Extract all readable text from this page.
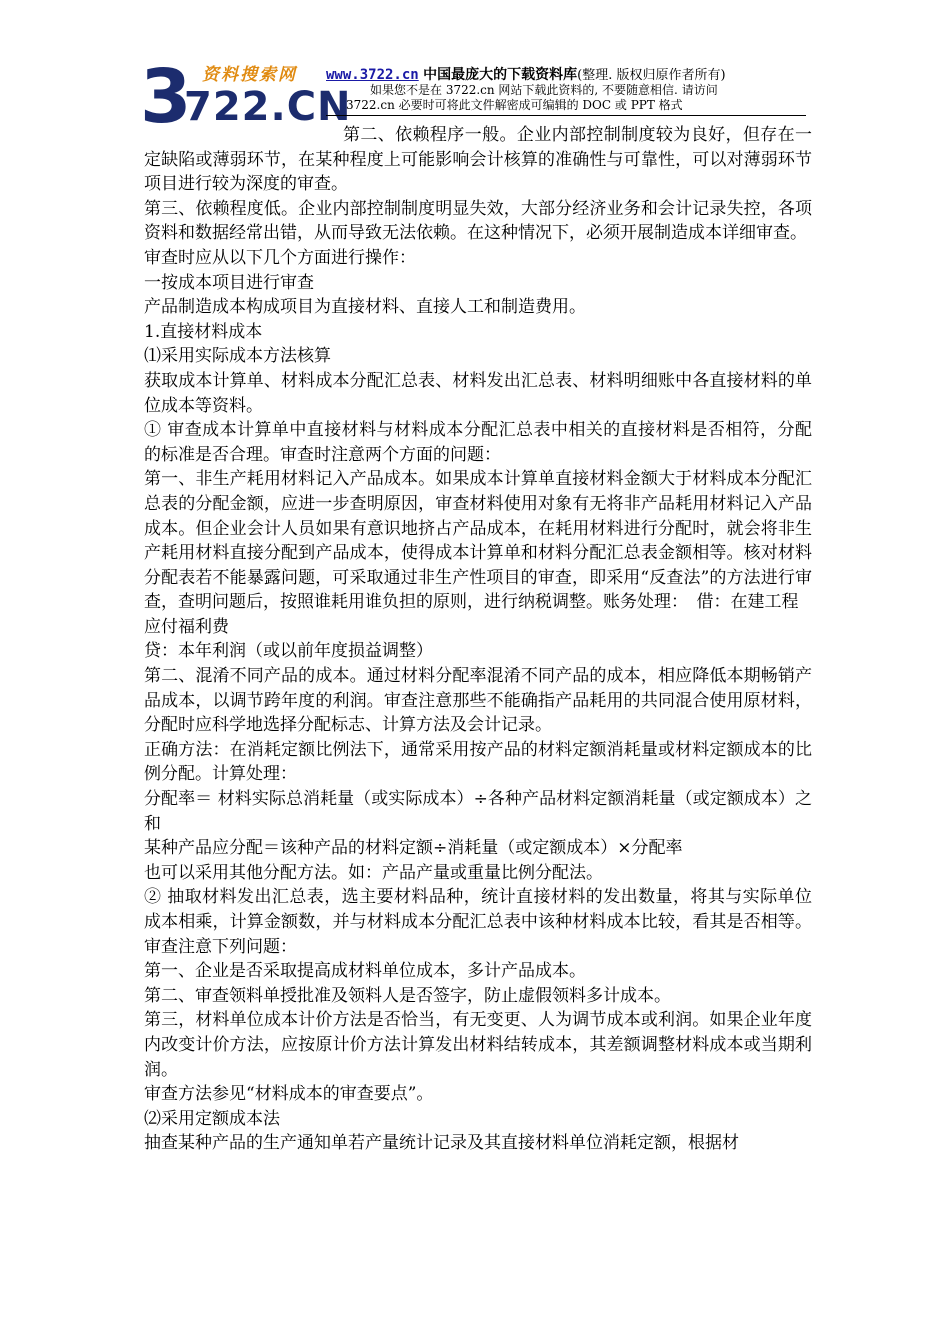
3 资料搜索网
722.CN
www.3722.cn 中国最庞大的下载资料库(整理. 版权归原作者所有)
如果您不是在 3722.cn 网站下载此资料的, 不要随意相信. 请访问
3722.cn 必要时可将此文件解密成可编辑的 DOC 或 PPT 格式

第二、依赖程序一般。企业内部控制制度较为良好，但存在一定缺陷或薄弱环节，在某种程度上可能影响会计核算的准确性与可靠性，可以对薄弱环节项目进行较为深度的审查。

第三、依赖程度低。企业内部控制制度明显失效，大部分经济业务和会计记录失控，各项资料和数据经常出错，从而导致无法依赖。在这种情况下，必须开展制造成本详细审查。

审查时应从以下几个方面进行操作：

一按成本项目进行审查

产品制造成本构成项目为直接材料、直接人工和制造费用。

1.直接材料成本

⑴采用实际成本方法核算

获取成本计算单、材料成本分配汇总表、材料发出汇总表、材料明细账中各直接材料的单位成本等资料。

① 审查成本计算单中直接材料与材料成本分配汇总表中相关的直接材料是否相符，分配的标准是否合理。审查时注意两个方面的问题：

第一、非生产耗用材料记入产品成本。如果成本计算单直接材料金额大于材料成本分配汇总表的分配金额，应进一步查明原因，审查材料使用对象有无将非产品耗用材料记入产品成本。但企业会计人员如果有意识地挤占产品成本，在耗用材料进行分配时，就会将非生产耗用材料直接分配到产品成本，使得成本计算单和材料分配汇总表金额相等。核对材料分配表若不能暴露问题，可采取通过非生产性项目的审查，即采用“反查法”的方法进行审查，查明问题后，按照谁耗用谁负担的原则，进行纳税调整。账务处理：　借：在建工程

应付福利费

贷：本年利润（或以前年度损益调整）

第二、混淆不同产品的成本。通过材料分配率混淆不同产品的成本，相应降低本期畅销产品成本，以调节跨年度的利润。审查注意那些不能确指产品耗用的共同混合使用原材料，分配时应科学地选择分配标志、计算方法及会计记录。

正确方法：在消耗定额比例法下，通常采用按产品的材料定额消耗量或材料定额成本的比例分配。计算处理：

分配率＝ 材料实际总消耗量（或实际成本）÷各种产品材料定额消耗量（或定额成本）之和

某种产品应分配＝该种产品的材料定额÷消耗量（或定额成本）×分配率

也可以采用其他分配方法。如：产品产量或重量比例分配法。

② 抽取材料发出汇总表，选主要材料品种，统计直接材料的发出数量，将其与实际单位成本相乘，计算金额数，并与材料成本分配汇总表中该种材料成本比较，看其是否相等。审查注意下列问题：

第一、企业是否采取提高成材料单位成本，多计产品成本。

第二、审查领料单授批准及领料人是否签字，防止虚假领料多计成本。

第三，材料单位成本计价方法是否恰当，有无变更、人为调节成本或利润。如果企业年度内改变计价方法，应按原计价方法计算发出材料结转成本，其差额调整材料成本或当期利润。

审查方法参见“材料成本的审查要点”。

⑵采用定额成本法

抽查某种产品的生产通知单若产量统计记录及其直接材料单位消耗定额，根据材
